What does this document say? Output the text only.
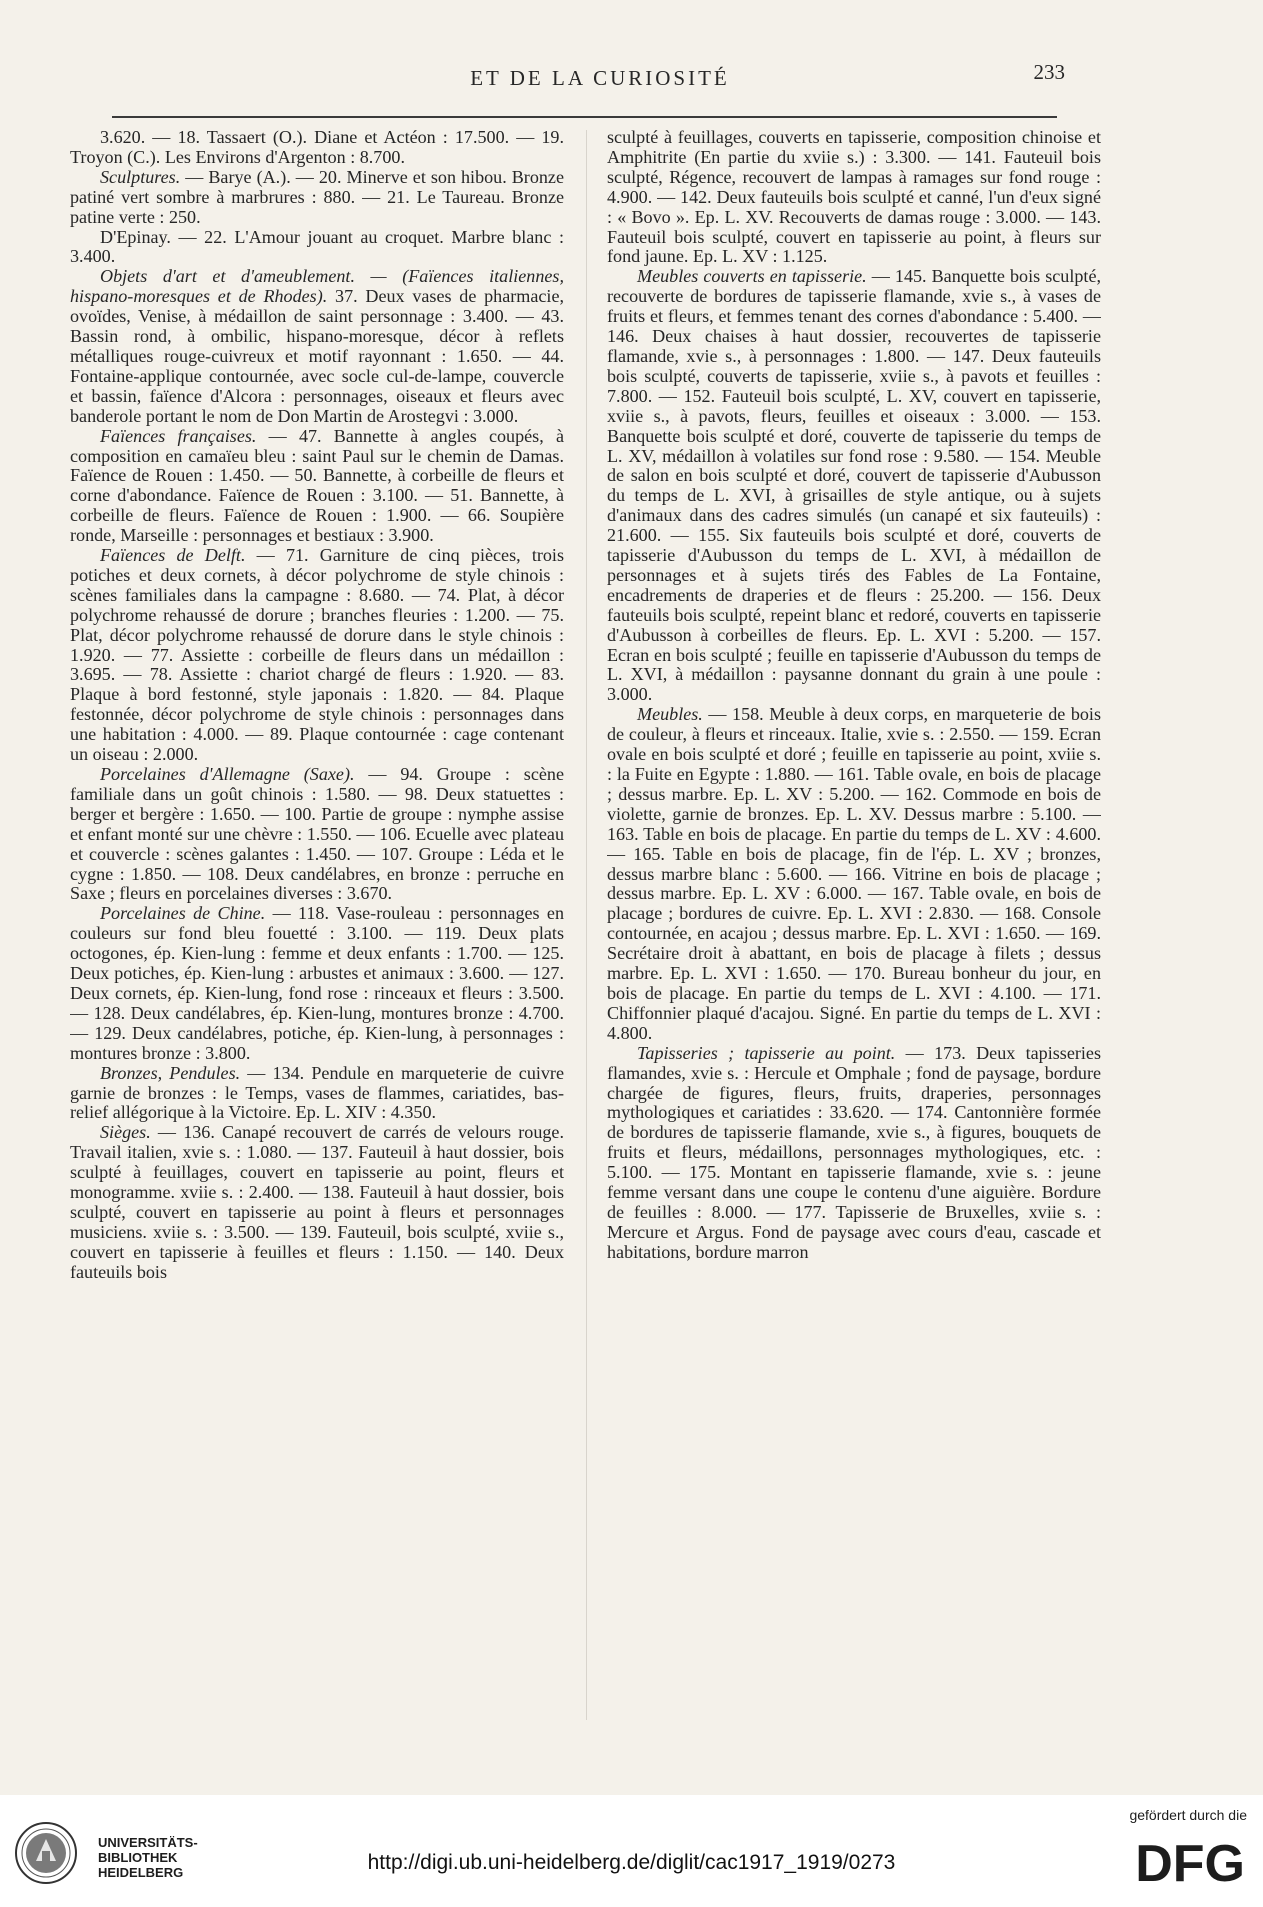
ET DE LA CURIOSITÉ	233

3.620. — 18. Tassaert (O.). Diane et Actéon : 17.500. — 19. Troyon (C.). Les Environs d'Argenton : 8.700.

Sculptures. — Barye (A.). — 20. Minerve et son hibou. Bronze patiné vert sombre à marbrures : 880. — 21. Le Taureau. Bronze patine verte : 250.

D'Epinay. — 22. L'Amour jouant au croquet. Marbre blanc : 3.400.

Objets d'art et d'ameublement. — (Faïences italiennes, hispano-moresques et de Rhodes). 37. Deux vases de pharmacie, ovoïdes, Venise, à médaillon de saint personnage : 3.400. — 43. Bassin rond, à ombilic, hispano-moresque, décor à reflets métalliques rouge-cuivreux et motif rayonnant : 1.650. — 44. Fontaine-applique contournée, avec socle cul-de-lampe, couvercle et bassin, faïence d'Alcora : personnages, oiseaux et fleurs avec banderole portant le nom de Don Martin de Arostegvi : 3.000.

Faïences françaises. — 47. Bannette à angles coupés, à composition en camaïeu bleu : saint Paul sur le chemin de Damas. Faïence de Rouen : 1.450. — 50. Bannette, à corbeille de fleurs et corne d'abondance. Faïence de Rouen : 3.100. — 51. Bannette, à corbeille de fleurs. Faïence de Rouen : 1.900. — 66. Soupière ronde, Marseille : personnages et bestiaux : 3.900.

Faïences de Delft. — 71. Garniture de cinq pièces, trois potiches et deux cornets, à décor polychrome de style chinois : scènes familiales dans la campagne : 8.680. — 74. Plat, à décor polychrome rehaussé de dorure ; branches fleuries : 1.200. — 75. Plat, décor polychrome rehaussé de dorure dans le style chinois : 1.920. — 77. Assiette : corbeille de fleurs dans un médaillon : 3.695. — 78. Assiette : chariot chargé de fleurs : 1.920. — 83. Plaque à bord festonné, style japonais : 1.820. — 84. Plaque festonnée, décor polychrome de style chinois : personnages dans une habitation : 4.000. — 89. Plaque contournée : cage contenant un oiseau : 2.000.

Porcelaines d'Allemagne (Saxe). — 94. Groupe : scène familiale dans un goût chinois : 1.580. — 98. Deux statuettes : berger et bergère : 1.650. — 100. Partie de groupe : nymphe assise et enfant monté sur une chèvre : 1.550. — 106. Ecuelle avec plateau et couvercle : scènes galantes : 1.450. — 107. Groupe : Léda et le cygne : 1.850. — 108. Deux candélabres, en bronze : perruche en Saxe ; fleurs en porcelaines diverses : 3.670.

Porcelaines de Chine. — 118. Vase-rouleau : personnages en couleurs sur fond bleu fouetté : 3.100. — 119. Deux plats octogones, ép. Kien-lung : femme et deux enfants : 1.700. — 125. Deux potiches, ép. Kien-lung : arbustes et animaux : 3.600. — 127. Deux cornets, ép. Kien-lung, fond rose : rinceaux et fleurs : 3.500. — 128. Deux candélabres, ép. Kien-lung, montures bronze : 4.700. — 129. Deux candélabres, potiche, ép. Kien-lung, à personnages : montures bronze : 3.800.

Bronzes, Pendules. — 134. Pendule en marqueterie de cuivre garnie de bronzes : le Temps, vases de flammes, cariatides, bas-relief allégorique à la Victoire. Ep. L. XIV : 4.350.

Sièges. — 136. Canapé recouvert de carrés de velours rouge. Travail italien, xvie s. : 1.080. — 137. Fauteuil à haut dossier, bois sculpté à feuillages, couvert en tapisserie au point, fleurs et monogramme. xviie s. : 2.400. — 138. Fauteuil à haut dossier, bois sculpté, couvert en tapisserie au point à fleurs et personnages musiciens. xviie s. : 3.500. — 139. Fauteuil, bois sculpté, xviie s., couvert en tapisserie à feuilles et fleurs : 1.150. — 140. Deux fauteuils bois

sculpté à feuillages, couverts en tapisserie, composition chinoise et Amphitrite (En partie du xviie s.) : 3.300. — 141. Fauteuil bois sculpté, Régence, recouvert de lampas à ramages sur fond rouge : 4.900. — 142. Deux fauteuils bois sculpté et canné, l'un d'eux signé : « Bovo ». Ep. L. XV. Recouverts de damas rouge : 3.000. — 143. Fauteuil bois sculpté, couvert en tapisserie au point, à fleurs sur fond jaune. Ep. L. XV : 1.125.

Meubles couverts en tapisserie. — 145. Banquette bois sculpté, recouverte de bordures de tapisserie flamande, xvie s., à vases de fruits et fleurs, et femmes tenant des cornes d'abondance : 5.400. — 146. Deux chaises à haut dossier, recouvertes de tapisserie flamande, xvie s., à personnages : 1.800. — 147. Deux fauteuils bois sculpté, couverts de tapisserie, xviie s., à pavots et feuilles : 7.800. — 152. Fauteuil bois sculpté, L. XV, couvert en tapisserie, xviie s., à pavots, fleurs, feuilles et oiseaux : 3.000. — 153. Banquette bois sculpté et doré, couverte de tapisserie du temps de L. XV, médaillon à volatiles sur fond rose : 9.580. — 154. Meuble de salon en bois sculpté et doré, couvert de tapisserie d'Aubusson du temps de L. XVI, à grisailles de style antique, ou à sujets d'animaux dans des cadres simulés (un canapé et six fauteuils) : 21.600. — 155. Six fauteuils bois sculpté et doré, couverts de tapisserie d'Aubusson du temps de L. XVI, à médaillon de personnages et à sujets tirés des Fables de La Fontaine, encadrements de draperies et de fleurs : 25.200. — 156. Deux fauteuils bois sculpté, repeint blanc et redoré, couverts en tapisserie d'Aubusson à corbeilles de fleurs. Ep. L. XVI : 5.200. — 157. Ecran en bois sculpté ; feuille en tapisserie d'Aubusson du temps de L. XVI, à médaillon : paysanne donnant du grain à une poule : 3.000.

Meubles. — 158. Meuble à deux corps, en marqueterie de bois de couleur, à fleurs et rinceaux. Italie, xvie s. : 2.550. — 159. Ecran ovale en bois sculpté et doré ; feuille en tapisserie au point, xviie s. : la Fuite en Egypte : 1.880. — 161. Table ovale, en bois de placage ; dessus marbre. Ep. L. XV : 5.200. — 162. Commode en bois de violette, garnie de bronzes. Ep. L. XV. Dessus marbre : 5.100. — 163. Table en bois de placage. En partie du temps de L. XV : 4.600. — 165. Table en bois de placage, fin de l'ép. L. XV ; bronzes, dessus marbre blanc : 5.600. — 166. Vitrine en bois de placage ; dessus marbre. Ep. L. XV : 6.000. — 167. Table ovale, en bois de placage ; bordures de cuivre. Ep. L. XVI : 2.830. — 168. Console contournée, en acajou ; dessus marbre. Ep. L. XVI : 1.650. — 169. Secrétaire droit à abattant, en bois de placage à filets ; dessus marbre. Ep. L. XVI : 1.650. — 170. Bureau bonheur du jour, en bois de placage. En partie du temps de L. XVI : 4.100. — 171. Chiffonnier plaqué d'acajou. Signé. En partie du temps de L. XVI : 4.800.

Tapisseries ; tapisserie au point. — 173. Deux tapisseries flamandes, xvie s. : Hercule et Omphale ; fond de paysage, bordure chargée de figures, fleurs, fruits, draperies, personnages mythologiques et cariatides : 33.620. — 174. Cantonnière formée de bordures de tapisserie flamande, xvie s., à figures, bouquets de fruits et fleurs, médaillons, personnages mythologiques, etc. : 5.100. — 175. Montant en tapisserie flamande, xvie s. : jeune femme versant dans une coupe le contenu d'une aiguière. Bordure de feuilles : 8.000. — 177. Tapisserie de Bruxelles, xviie s. : Mercure et Argus. Fond de paysage avec cours d'eau, cascade et habitations, bordure marron

UNIVERSITÄTS-
BIBLIOTHEK
HEIDELBERG	http://digi.ub.uni-heidelberg.de/diglit/cac1917_1919/0273
gefördert durch die
DFG
